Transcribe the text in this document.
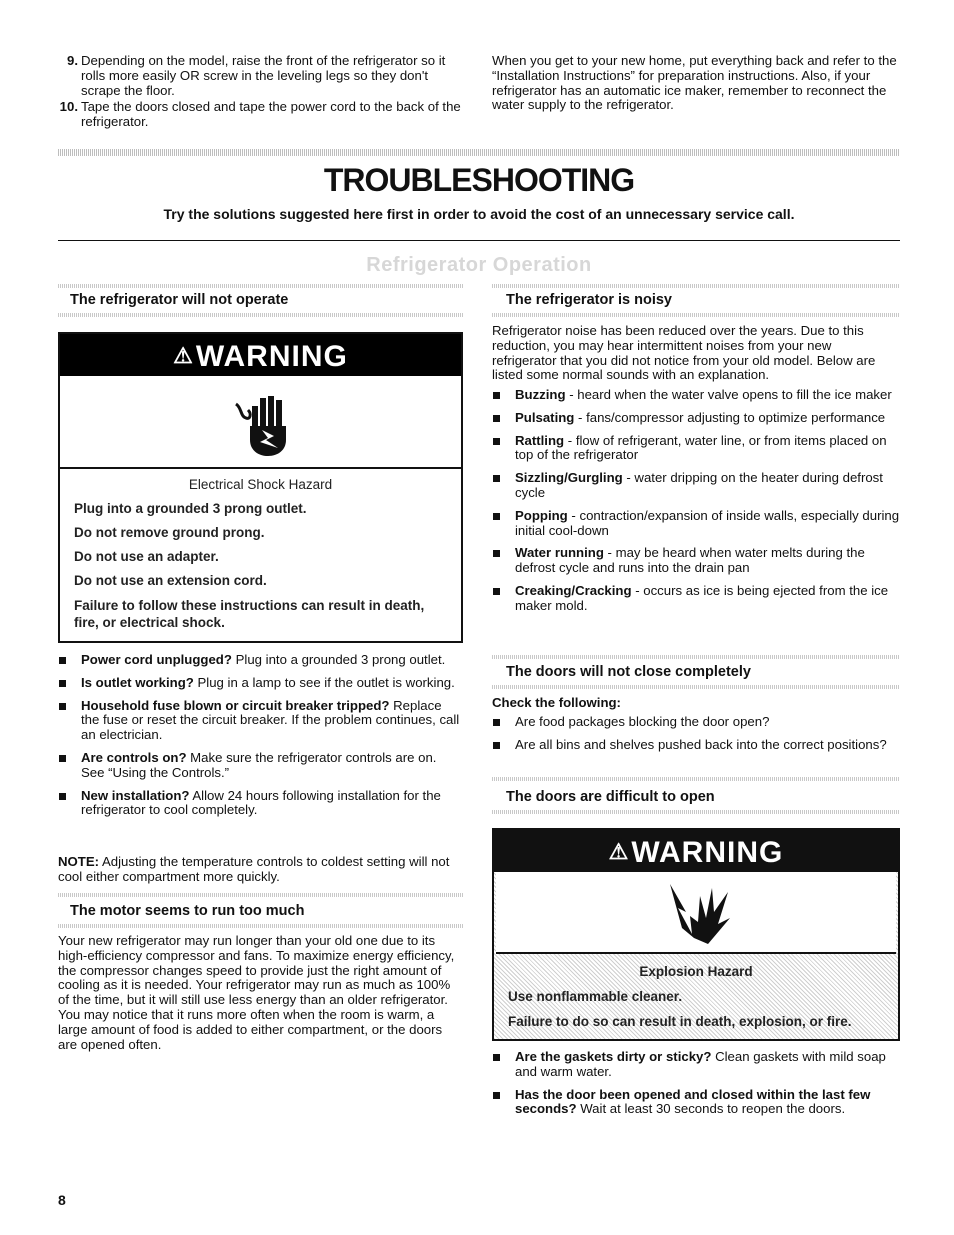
9. Depending on the model, raise the front of the refrigerator so it rolls more easily OR screw in the leveling legs so they don't scrape the floor.
10. Tape the doors closed and tape the power cord to the back of the refrigerator.

When you get to your new home, put everything back and refer to the “Installation Instructions” for preparation instructions. Also, if your refrigerator has an automatic ice maker, remember to reconnect the water supply to the refrigerator.

TROUBLESHOOTING
Try the solutions suggested here first in order to avoid the cost of an unnecessary service call.
Refrigerator Operation
The refrigerator will not operate
⚠WARNING

Electrical Shock Hazard

Plug into a grounded 3 prong outlet.

Do not remove ground prong.

Do not use an adapter.

Do not use an extension cord.

Failure to follow these instructions can result in death, fire, or electrical shock.

Power cord unplugged? Plug into a grounded 3 prong outlet.
Is outlet working? Plug in a lamp to see if the outlet is working.
Household fuse blown or circuit breaker tripped? Replace the fuse or reset the circuit breaker. If the problem continues, call an electrician.
Are controls on? Make sure the refrigerator controls are on. See “Using the Controls.”
New installation? Allow 24 hours following installation for the refrigerator to cool completely.

NOTE: Adjusting the temperature controls to coldest setting will not cool either compartment more quickly.

The motor seems to run too much

Your new refrigerator may run longer than your old one due to its high-efficiency compressor and fans. To maximize energy efficiency, the compressor changes speed to provide just the right amount of cooling as it is needed. Your refrigerator may run as much as 100% of the time, but it will still use less energy than an older refrigerator. You may notice that it runs more often when the room is warm, a large amount of food is added to either compartment, or the doors are opened often.

The refrigerator is noisy

Refrigerator noise has been reduced over the years. Due to this reduction, you may hear intermittent noises from your new refrigerator that you did not notice from your old model. Below are listed some normal sounds with an explanation.

Buzzing - heard when the water valve opens to fill the ice maker
Pulsating - fans/compressor adjusting to optimize performance
Rattling - flow of refrigerant, water line, or from items placed on top of the refrigerator
Sizzling/Gurgling - water dripping on the heater during defrost cycle
Popping - contraction/expansion of inside walls, especially during initial cool-down
Water running - may be heard when water melts during the defrost cycle and runs into the drain pan
Creaking/Cracking - occurs as ice is being ejected from the ice maker mold.
The doors will not close completely

Check the following:

Are food packages blocking the door open?
Are all bins and shelves pushed back into the correct positions?
The doors are difficult to open
⚠WARNING

Explosion Hazard

Use nonflammable cleaner.

Failure to do so can result in death, explosion, or fire.

Are the gaskets dirty or sticky? Clean gaskets with mild soap and warm water.
Has the door been opened and closed within the last few seconds? Wait at least 30 seconds to reopen the doors.
8
